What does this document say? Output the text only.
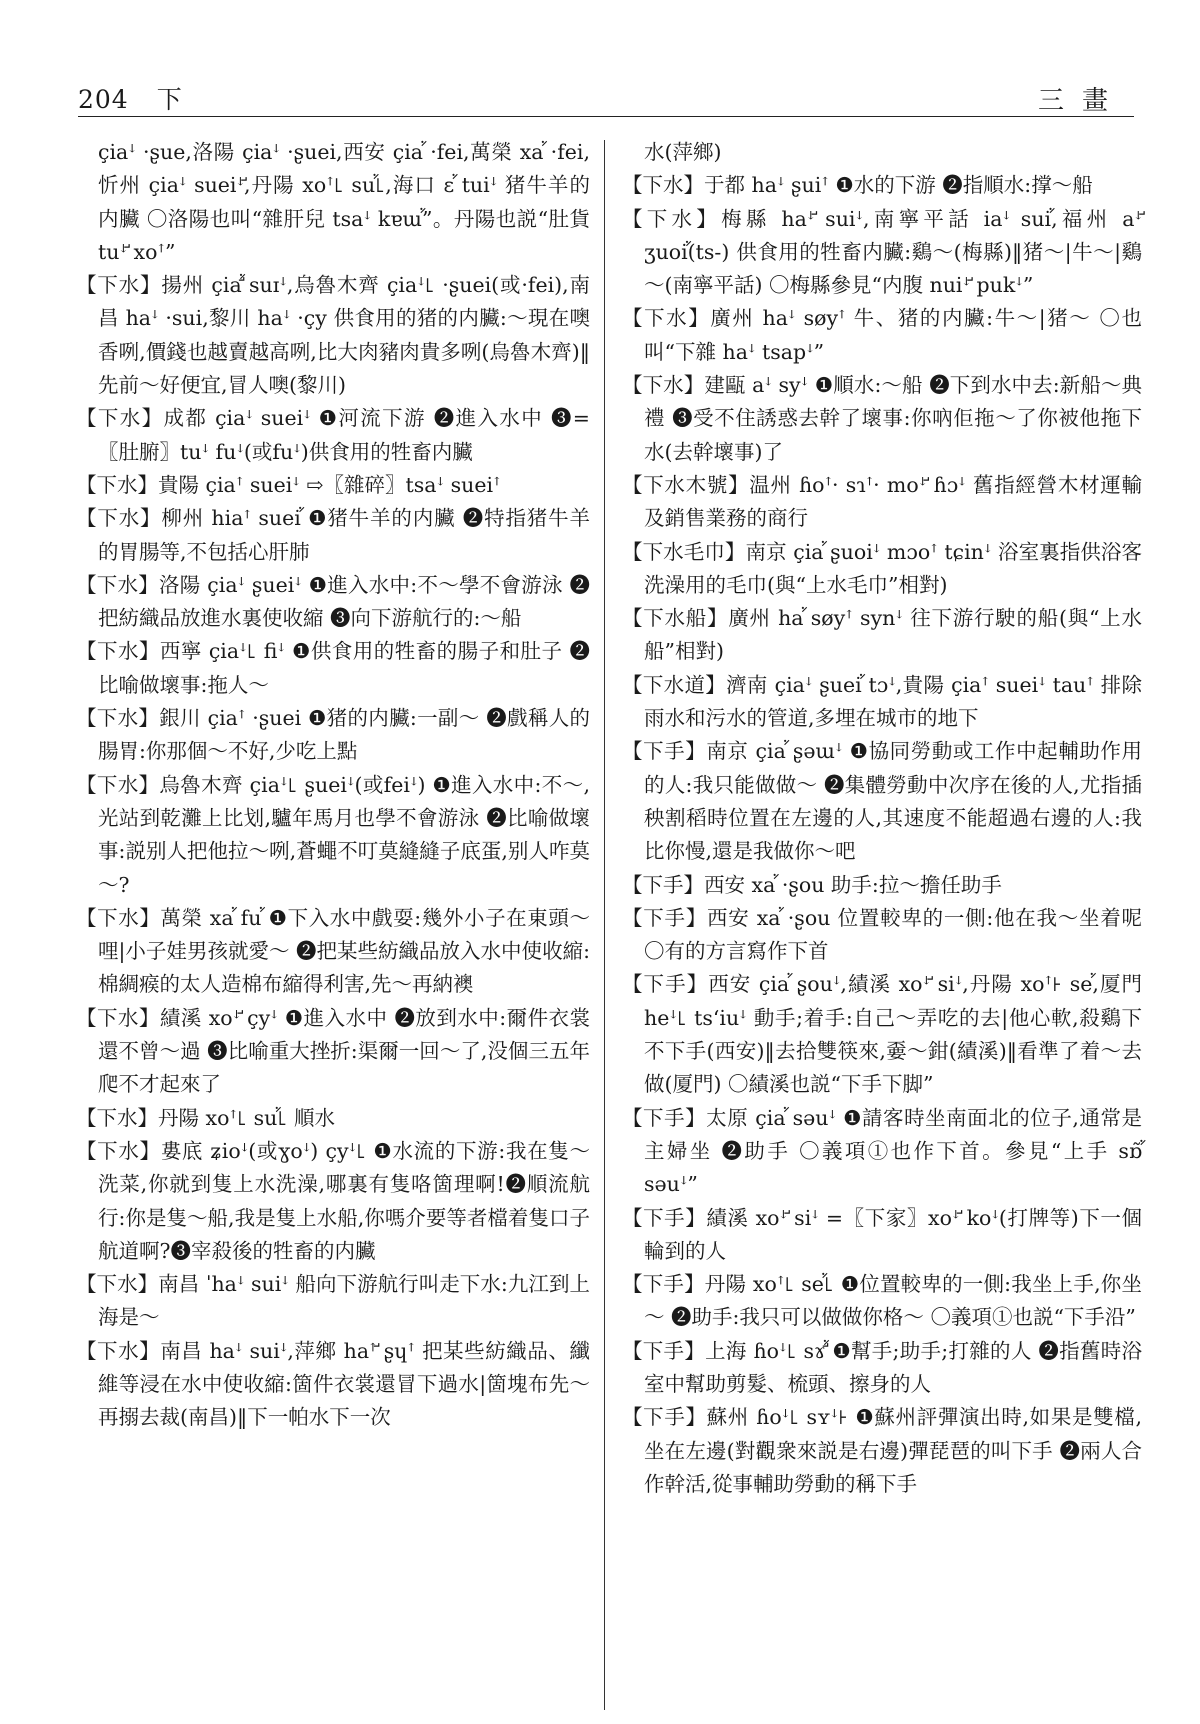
204 下	三畫

çiaꜜ ·ʂue,洛陽 çiaꜜ ·ʂuei,西安 çiaꜘ ·fei,萬榮 xaꜘ ·fei,忻州 çiaꜜ sueiꜜꜚ,丹陽 xoꜛ꜖ suꜘ꜖,海口 ɛꜘ tuiꜜ 猪牛羊的内臟 〇洛陽也叫“雜肝兒 tsaꜜ kɐɯꜘ”。丹陽也説“肚貨 tuꜜꜚ xoꜛ”

【下水】揚州 çiaꜘꜚ suɪꜜ,烏魯木齊 çiaꜜ꜖ ·ʂuei(或·fei),南昌 haꜜ ·sui,黎川 haꜜ ·çy 供食用的猪的内臟:～現在噢香咧,價錢也越賣越高咧,比大肉豬肉貴多咧(烏魯木齊)‖先前～好便宜,冒人噢(黎川)

【下水】成都 çiaꜜ sueiꜜ ❶河流下游 ❷進入水中 ❸=〖肚腑〗tuꜜ fuꜜ(或fuꜜ)供食用的牲畜内臟

【下水】貴陽 çiaꜛ sueiꜜ ⇨〖雜碎〗tsaꜜ sueiꜛ

【下水】柳州 hiaꜛ sueiꜘ ❶猪牛羊的内臟 ❷特指猪牛羊的胃腸等,不包括心肝肺

【下水】洛陽 çiaꜜ ʂueiꜜ ❶進入水中:不～學不會游泳 ❷把紡織品放進水裏使收縮 ❸向下游航行的:～船

【下水】西寧 çiaꜜ꜖ fiꜜ ❶供食用的牲畜的腸子和肚子 ❷比喻做壞事:拖人～

【下水】銀川 çiaꜛ ·ʂuei ❶猪的内臟:一副～ ❷戲稱人的腸胃:你那個～不好,少吃上點

【下水】烏魯木齊 çiaꜜ꜖ ʂueiꜜ(或feiꜜ) ❶進入水中:不～,光站到乾灘上比划,驢年馬月也學不會游泳 ❷比喻做壞事:説别人把他拉～咧,蒼蠅不叮莫縫縫子底蛋,别人咋莫～?

【下水】萬榮 xaꜘ fuꜘ ❶下入水中戲耍:幾外小子在東頭～哩|小子娃男孩就愛～ ❷把某些紡織品放入水中使收縮:棉綢瘊的太人造棉布縮得利害,先～再納襖

【下水】績溪 xoꜜꜚ çyꜜ ❶進入水中 ❷放到水中:爾件衣裳還不曾～過 ❸比喻重大挫折:渠爾一回～了,没個三五年爬不才起來了

【下水】丹陽 xoꜛ꜖ suꜘ꜖ 順水

【下水】婁底 ʑioꜜ(或ɣoꜜ) çyꜜ꜖ ❶水流的下游:我在隻～洗菜,你就到隻上水洗澡,哪裏有隻咯箇理啊!❷順流航行:你是隻～船,我是隻上水船,你嗎介要等者檔着隻口子航道啊?❸宰殺後的牲畜的内臟

【下水】南昌 ˈhaꜜ suiꜜ 船向下游航行叫走下水:九江到上海是～

【下水】南昌 haꜜ suiꜜ,萍鄉 haꜛꜚ ʂɥꜛ 把某些紡織品、纖維等浸在水中使收縮:箇件衣裳還冒下過水|箇塊布先～再搦去裁(南昌)‖下一帕水下一次

水(萍鄉)

【下水】于都 haꜜ ʂuiꜛ ❶水的下游 ❷指順水:撑～船

【下水】梅縣 haꜜꜚ suiꜜ,南寧平話 iaꜜ suiꜘ,福州 aꜜꜚ ʒuoiꜘ(ts-) 供食用的牲畜内臟:鷄～(梅縣)‖猪～|牛～|鷄～(南寧平話) 〇梅縣參見“内腹 nuiꜜꜚ pukꜜ”

【下水】廣州 haꜜ søyꜛ 牛、猪的内臟:牛～|猪～ 〇也叫“下雜 haꜜ tsapꜜ”

【下水】建甌 aꜜ syꜜ ❶順水:～船 ❷下到水中去:新船～典禮 ❸受不住誘惑去幹了壞事:你吶佢拖～了你被他拖下水(去幹壞事)了

【下水木號】温州 ɦoꜛ· sɿꜛ· moꜜꜚ ɦɔꜜ 舊指經營木材運輸及銷售業務的商行

【下水毛巾】南京 çiaꜘ ʂuoiꜜ mɔoꜛ tɕinꜜ 浴室裏指供浴客洗澡用的毛巾(與“上水毛巾”相對)

【下水船】廣州 haꜘ søyꜛ synꜜ 往下游行駛的船(與“上水船”相對)

【下水道】濟南 çiaꜜ ʂueiꜘ tɔꜜ,貴陽 çiaꜛ sueiꜜ tauꜛ 排除雨水和污水的管道,多埋在城市的地下

【下手】南京 çiaꜘ ʂəɯꜜ ❶協同勞動或工作中起輔助作用的人:我只能做做～ ❷集體勞動中次序在後的人,尤指插秧割稻時位置在左邊的人,其速度不能超過右邊的人:我比你慢,還是我做你～吧

【下手】西安 xaꜘ ·ʂou 助手:拉～擔任助手

【下手】西安 xaꜘ ·ʂou 位置較卑的一側:他在我～坐着呢 〇有的方言寫作下首

【下手】西安 çiaꜘ ʂouꜜ,績溪 xoꜜꜚ siꜜ,丹陽 xoꜛ꜔ seꜘ,厦門 heꜜ꜖ tsʻiuꜜ 動手;着手:自己～弄吃的去|他心軟,殺鷄下不下手(西安)‖去拾雙筷來,嫑～鉗(績溪)‖看準了着～去做(厦門) 〇績溪也説“下手下脚”

【下手】太原 çiaꜘ səuꜜ ❶請客時坐南面北的位子,通常是主婦坐 ❷助手 〇義項①也作下首。參見“上手 sɒ̃ꜘ səuꜜ”

【下手】績溪 xoꜜꜚ siꜜ =〖下家〗xoꜜꜚ koꜜ(打牌等)下一個輪到的人

【下手】丹陽 xoꜛ꜖ seꜘ꜖ ❶位置較卑的一側:我坐上手,你坐～ ❷助手:我只可以做做你格～ 〇義項①也説“下手沿”

【下手】上海 ɦoꜜ꜖ sɤꜘꜚ ❶幫手;助手;打雜的人 ❷指舊時浴室中幫助剪髮、梳頭、擦身的人

【下手】蘇州 ɦoꜜ꜖ sʏꜜ꜔ ❶蘇州評彈演出時,如果是雙檔,坐在左邊(對觀衆來説是右邊)彈琵琶的叫下手 ❷兩人合作幹活,從事輔助勞動的稱下手
